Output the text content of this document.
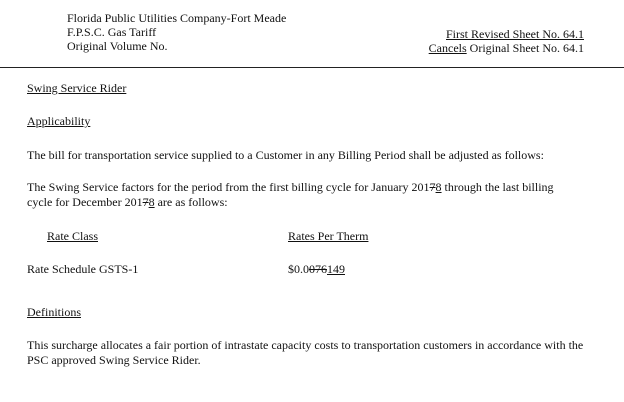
Florida Public Utilities Company-Fort Meade
F.P.S.C. Gas Tariff
Original Volume No.
First Revised Sheet No. 64.1
Cancels Original Sheet No. 64.1
Swing Service Rider
Applicability
The bill for transportation service supplied to a Customer in any Billing Period shall be adjusted as follows:
The Swing Service factors for the period from the first billing cycle for January 20178 through the last billing
cycle for December 20178 are as follows:
Rate Class	Rates Per Therm
Rate Schedule GSTS-1	$0.0076149
Definitions
This surcharge allocates a fair portion of intrastate capacity costs to transportation customers in accordance with the PSC approved Swing Service Rider.
